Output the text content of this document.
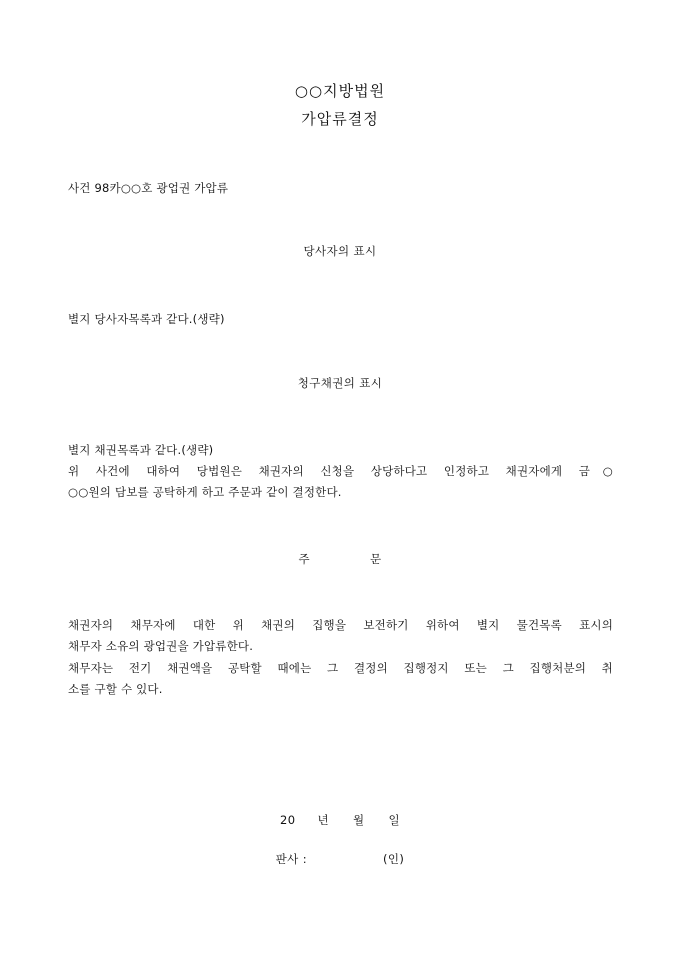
○○지방법원
가압류결정
사건 98카○○호 광업권 가압류
당사자의 표시
별지 당사자목록과 같다.(생략)
청구채권의 표시
별지 채권목록과 같다.(생략)
위 사건에 대하여 당법원은 채권자의 신청을 상당하다고 인정하고 채권자에게 금○
○○원의 담보를 공탁하게 하고 주문과 같이 결정한다.
주	문
채권자의 채무자에 대한 위 채권의 집행을 보전하기 위하여 별지 물건목록 표시의
채무자 소유의 광업권을 가압류한다.
채무자는 전기 채권액을 공탁할 때에는 그 결정의 집행정지 또는 그 집행처분의 취
소를 구할 수 있다.
20 년 월 일
판사 :	(인)
